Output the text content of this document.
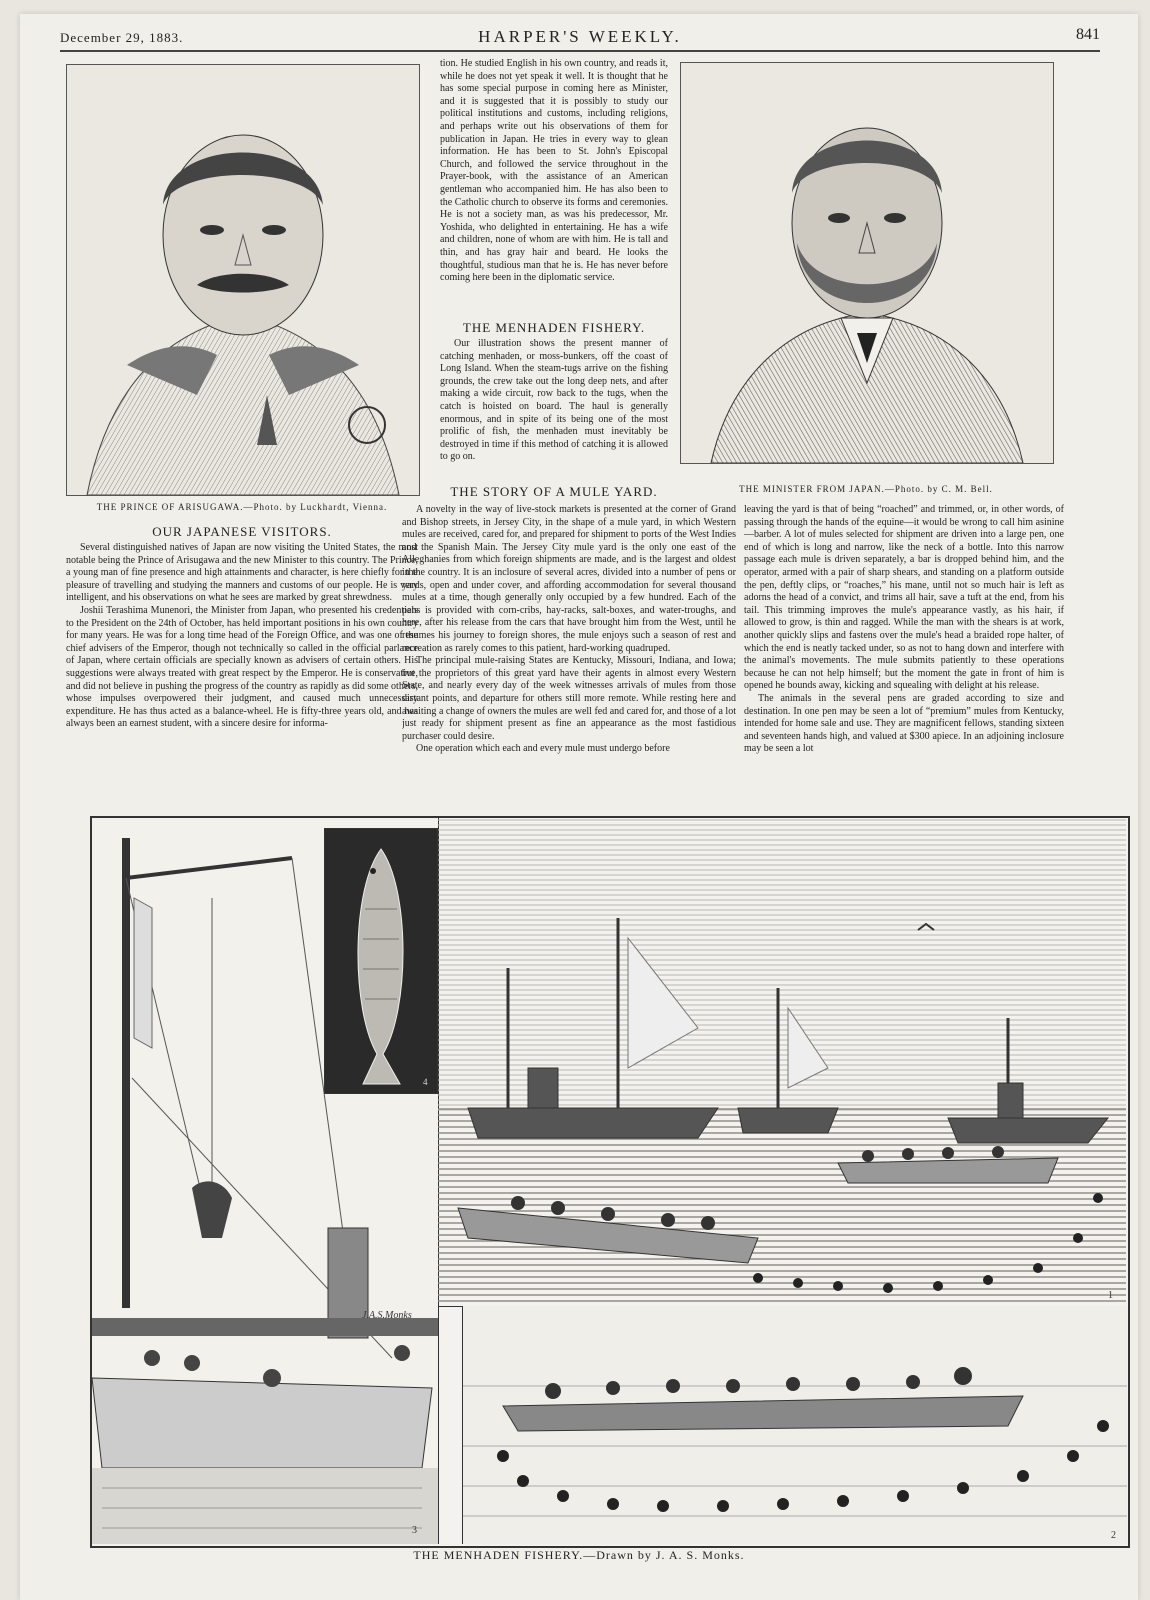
December 29, 1883.	HARPER'S WEEKLY.	841
THE PRINCE OF ARISUGAWA.—Photo. by Luckhardt, Vienna.
THE MINISTER FROM JAPAN.—Photo. by C. M. Bell.

tion. He studied English in his own country, and reads it, while he does not yet speak it well. It is thought that he has some special purpose in coming here as Minister, and it is suggested that it is possibly to study our political institutions and customs, including religions, and perhaps write out his observations of them for publication in Japan. He tries in every way to glean information. He has been to St. John's Episcopal Church, and followed the service throughout in the Prayer-book, with the assistance of an American gentleman who accompanied him. He has also been to the Catholic church to observe its forms and ceremonies. He is not a society man, as was his predecessor, Mr. Yoshida, who delighted in entertaining. He has a wife and children, none of whom are with him. He is tall and thin, and has gray hair and beard. He looks the thoughtful, studious man that he is. He has never before coming here been in the diplomatic service.

THE MENHADEN FISHERY.

Our illustration shows the present manner of catching menhaden, or moss-bunkers, off the coast of Long Island. When the steam-tugs arrive on the fishing grounds, the crew take out the long deep nets, and after making a wide circuit, row back to the tugs, when the catch is hoisted on board. The haul is generally enormous, and in spite of its being one of the most prolific of fish, the menhaden must inevitably be destroyed in time if this method of catching it is allowed to go on.

THE STORY OF A MULE YARD.
OUR JAPANESE VISITORS.

Several distinguished natives of Japan are now visiting the United States, the most notable being the Prince of Arisugawa and the new Minister to this country. The Prince, a young man of fine presence and high attainments and character, is here chiefly for the pleasure of travelling and studying the manners and customs of our people. He is very intelligent, and his observations on what he sees are marked by great shrewdness.

Joshii Terashima Munenori, the Minister from Japan, who presented his credentials to the President on the 24th of October, has held important positions in his own country for many years. He was for a long time head of the Foreign Office, and was one of the chief advisers of the Emperor, though not technically so called in the official parlance of Japan, where certain officials are specially known as advisers of certain others. His suggestions were always treated with great respect by the Emperor. He is conservative, and did not believe in pushing the progress of the country as rapidly as did some others, whose impulses overpowered their judgment, and caused much unnecessary expenditure. He has thus acted as a balance-wheel. He is fifty-three years old, and has always been an earnest student, with a sincere desire for informa-

A novelty in the way of live-stock markets is presented at the corner of Grand and Bishop streets, in Jersey City, in the shape of a mule yard, in which Western mules are received, cared for, and prepared for shipment to ports of the West Indies and the Spanish Main. The Jersey City mule yard is the only one east of the Alleghanies from which foreign shipments are made, and is the largest and oldest in the country. It is an inclosure of several acres, divided into a number of pens or yards, open and under cover, and affording accommodation for several thousand mules at a time, though generally only occupied by a few hundred. Each of the pens is provided with corn-cribs, hay-racks, salt-boxes, and water-troughs, and here, after his release from the cars that have brought him from the West, until he resumes his journey to foreign shores, the mule enjoys such a season of rest and recreation as rarely comes to this patient, hard-working quadruped.

The principal mule-raising States are Kentucky, Missouri, Indiana, and Iowa; but the proprietors of this great yard have their agents in almost every Western State, and nearly every day of the week witnesses arrivals of mules from those distant points, and departure for others still more remote. While resting here and awaiting a change of owners the mules are well fed and cared for, and those of a lot just ready for shipment present as fine an appearance as the most fastidious purchaser could desire.

One operation which each and every mule must undergo before

leaving the yard is that of being “roached” and trimmed, or, in other words, of passing through the hands of the equine—it would be wrong to call him asinine—barber. A lot of mules selected for shipment are driven into a large pen, one end of which is long and narrow, like the neck of a bottle. Into this narrow passage each mule is driven separately, a bar is dropped behind him, and the operator, armed with a pair of sharp shears, and standing on a platform outside the pen, deftly clips, or “roaches,” his mane, until not so much hair is left as adorns the head of a convict, and trims all hair, save a tuft at the end, from his tail. This trimming improves the mule's appearance vastly, as his hair, if allowed to grow, is thin and ragged. While the man with the shears is at work, another quickly slips and fastens over the mule's head a braided rope halter, of which the end is neatly tacked under, so as not to hang down and interfere with the animal's movements. The mule submits patiently to these operations because he can not help himself; but the moment the gate in front of him is opened he bounds away, kicking and squealing with delight at his release.

The animals in the several pens are graded according to size and destination. In one pen may be seen a lot of “premium” mules from Kentucky, intended for home sale and use. They are magnificent fellows, standing sixteen and seventeen hands high, and valued at $300 apiece. In an adjoining inclosure may be seen a lot

3
4
1
J.A.S.Monks
2
THE MENHADEN FISHERY.—Drawn by J. A. S. Monks.
